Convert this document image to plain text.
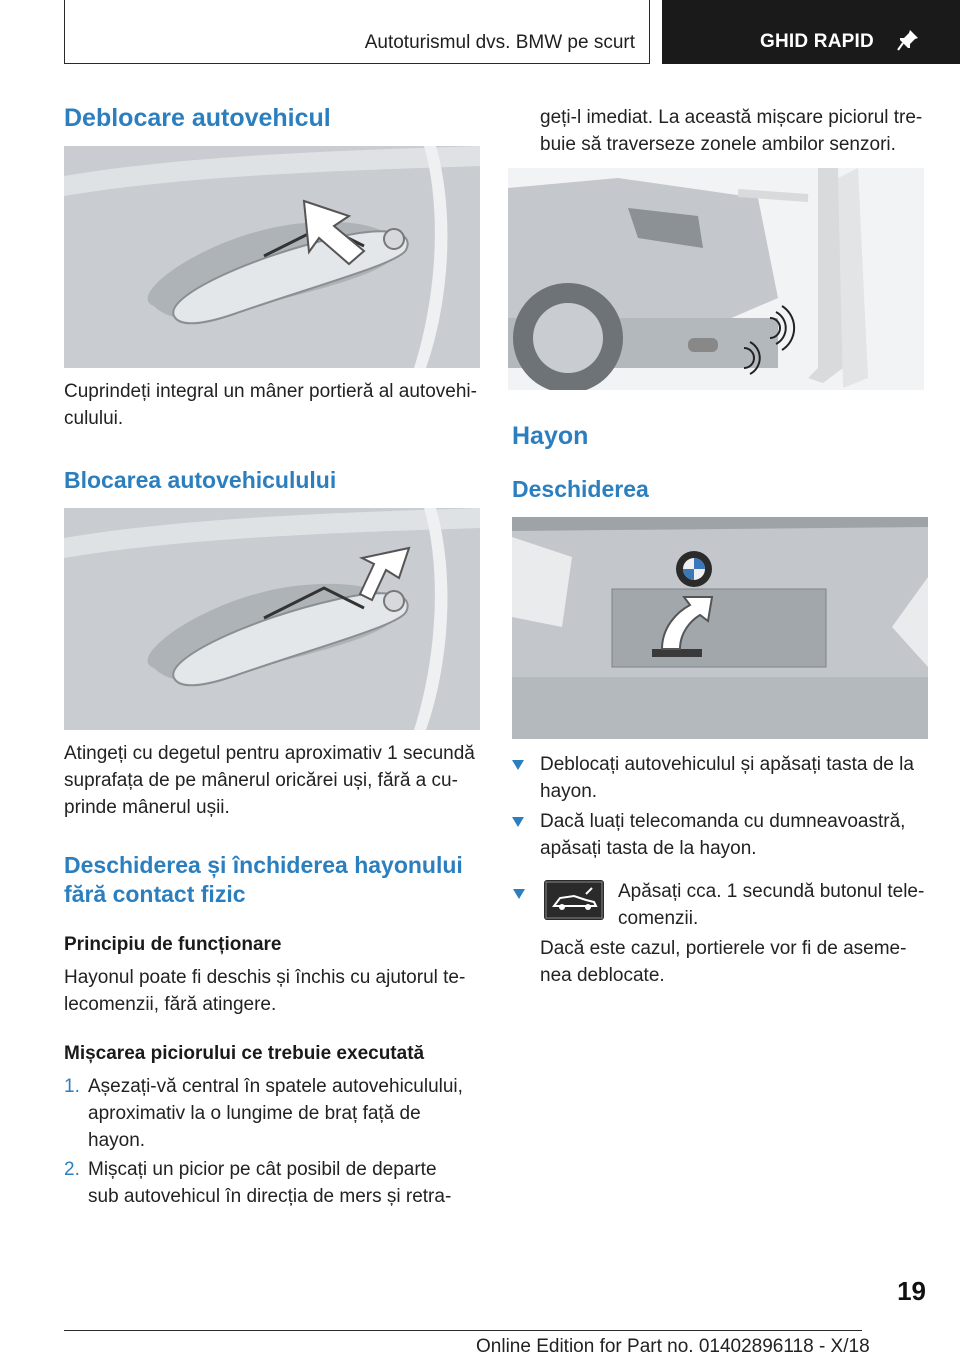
Autoturismul dvs. BMW pe scurt	GHID RAPID
Deblocare autovehicul

Cuprindeți integral un mâner portieră al autovehi-

culului.

Blocarea autovehiculului

Atingeți cu degetul pentru aproximativ 1 secundă

suprafața de pe mânerul oricărei uși, fără a cu-

prinde mânerul ușii.

Deschiderea și închiderea hayonului
fără contact fizic
Principiu de funcționare

Hayonul poate fi deschis și închis cu ajutorul te-

lecomenzii, fără atingere.

Mișcarea piciorului ce trebuie executată
1. Așezați-vă central în spatele autovehiculului,
aproximativ la o lungime de braț față de
hayon.
2. Mișcați un picior pe cât posibil de departe
sub autovehicul în direcția de mers și retra-

geți-l imediat. La această mișcare piciorul tre-

buie să traverseze zonele ambilor senzori.

Hayon
Deschiderea
Deblocați autovehiculul și apăsați tasta de la
hayon.
Dacă luați telecomanda cu dumneavoastră,
apăsați tasta de la hayon.
Apăsați cca. 1 secundă butonul tele-
comenzii.

Dacă este cazul, portierele vor fi de aseme-

nea deblocate.

19
Online Edition for Part no. 01402896118 - X/18
